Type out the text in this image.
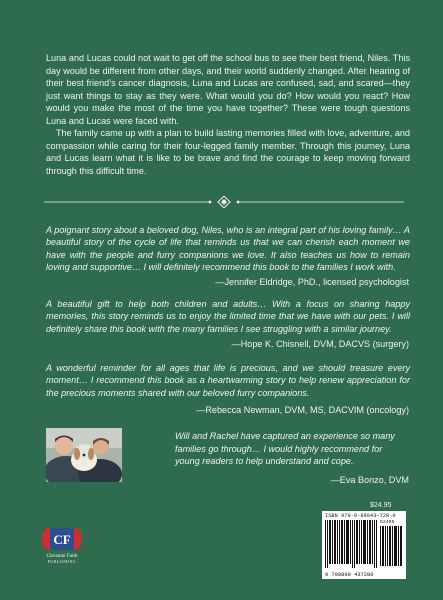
Luna and Lucas could not wait to get off the school bus to see their best friend, Niles. This day would be different from other days, and their world suddenly changed. After hearing of their best friend’s cancer diagnosis, Luna and Lucas are confused, sad, and scared—they just want things to stay as they were. What would you do? How would you react? How would you make the most of the time you have together? These were tough questions Luna and Lucas were faced with.

The family came up with a plan to build lasting memories filled with love, adventure, and compassion while caring for their four-legged family member. Through this journey, Luna and Lucas learn what it is like to be brave and find the courage to keep moving forward through this difficult time.

A poignant story about a beloved dog, Niles, who is an integral part of his loving family… A beautiful story of the cycle of life that reminds us that we can cherish each moment we have with the people and furry companions we love. It also teaches us how to remain loving and supportive… I will definitely recommend this book to the families I work with.
—Jennifer Eldridge, PhD., licensed psychologist
A beautiful gift to help both children and adults… With a focus on sharing happy memories, this story reminds us to enjoy the limited time that we have with our pets. I will definitely share this book with the many families I see struggling with a similar journey.
—Hope K. Chisnell, DVM, DACVS (surgery)
A wonderful reminder for all ages that life is precious, and we should treasure every moment… I recommend this book as a heartwarming story to help renew appreciation for the precious moments shared with our beloved furry companions.
—Rebecca Newman, DVM, MS, DACVIM (oncology)
Will and Rachel have captured an experience so many families go through… I would highly recommend for young readers to help understand and cope.
—Eva Bonzo, DVM
CF
Christian Faith
PUBLISHING
$24.95
ISBN 979-8-89043-728-0
52495
9 798890 437280
